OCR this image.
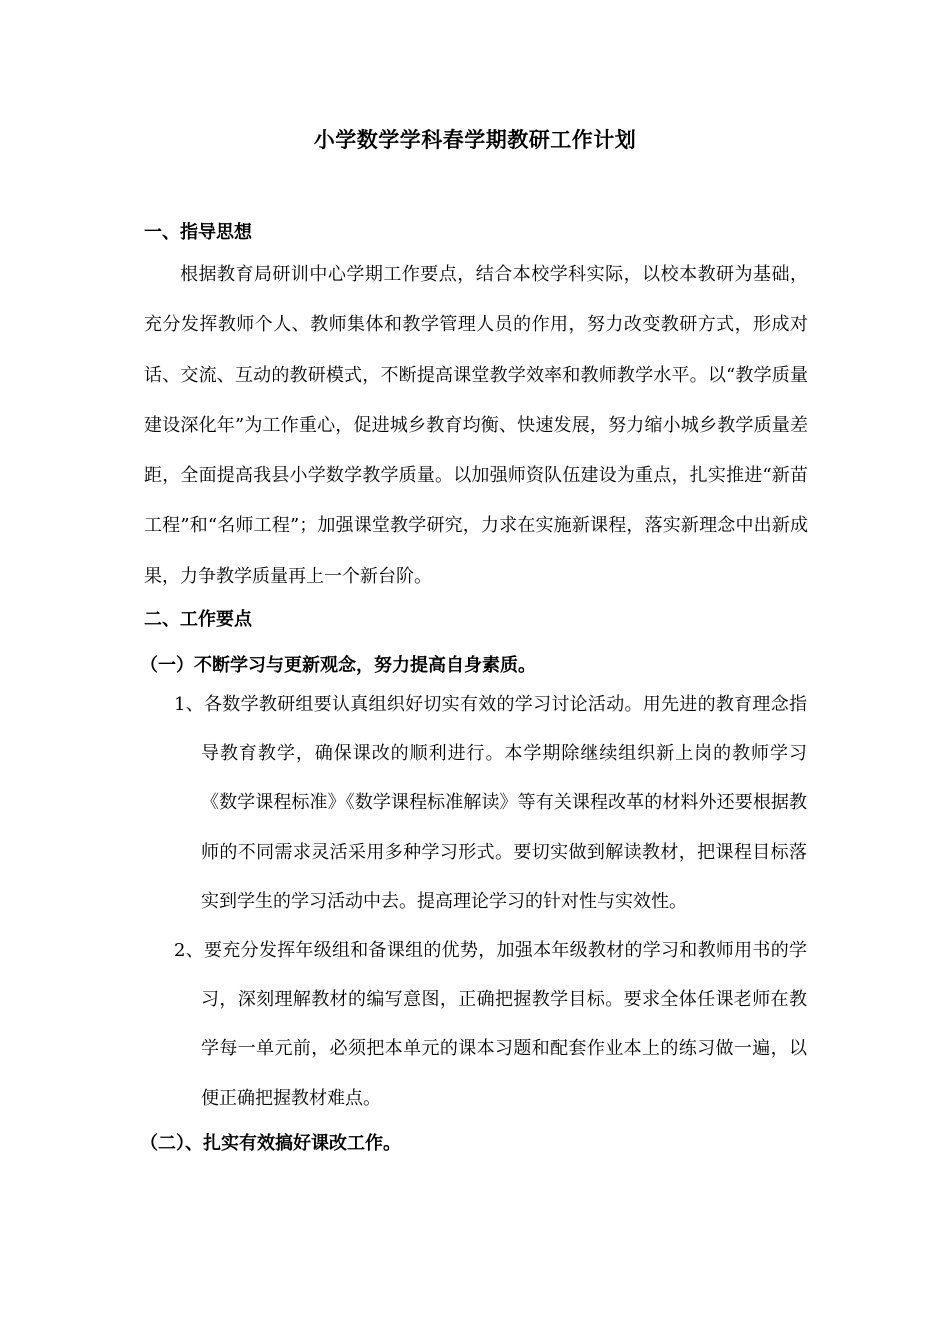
小学数学学科春学期教研工作计划
一、指导思想

根据教育局研训中心学期工作要点，结合本校学科实际，以校本教研为基础，充分发挥教师个人、教师集体和教学管理人员的作用，努力改变教研方式，形成对话、交流、互动的教研模式，不断提高课堂教学效率和教师教学水平。以“教学质量建设深化年”为工作重心，促进城乡教育均衡、快速发展，努力缩小城乡教学质量差距，全面提高我县小学数学教学质量。以加强师资队伍建设为重点，扎实推进“新苗工程”和“名师工程”；加强课堂教学研究，力求在实施新课程，落实新理念中出新成果，力争教学质量再上一个新台阶。

二、工作要点
（一）不断学习与更新观念，努力提高自身素质。

1、各数学教研组要认真组织好切实有效的学习讨论活动。用先进的教育理念指导教育教学，确保课改的顺利进行。本学期除继续组织新上岗的教师学习《数学课程标准》《数学课程标准解读》等有关课程改革的材料外还要根据教师的不同需求灵活采用多种学习形式。要切实做到解读教材，把课程目标落实到学生的学习活动中去。提高理论学习的针对性与实效性。

2、要充分发挥年级组和备课组的优势，加强本年级教材的学习和教师用书的学习，深刻理解教材的编写意图，正确把握教学目标。要求全体任课老师在教学每一单元前，必须把本单元的课本习题和配套作业本上的练习做一遍，以便正确把握教材难点。

（二）、扎实有效搞好课改工作。
